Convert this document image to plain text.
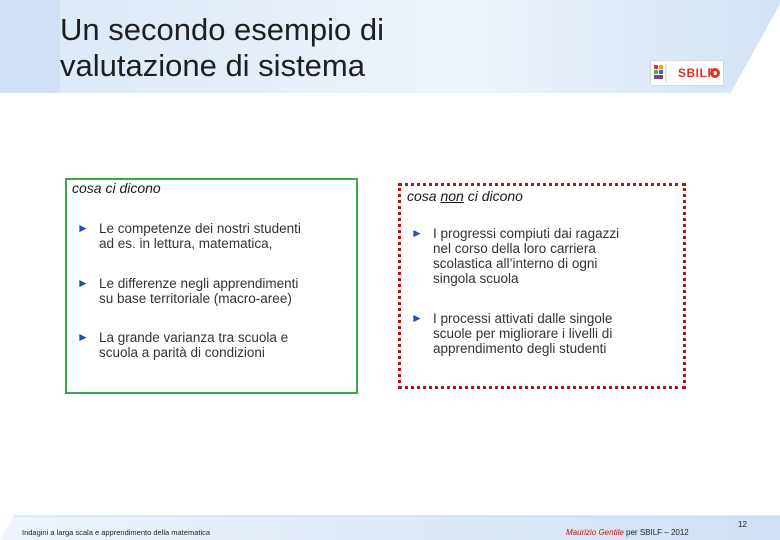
Un secondo esempio di
valutazione di sistema	SBILF
cosa ci dicono
► Le competenze dei nostri studenti
ad es. in lettura, matematica,
► Le differenze negli apprendimenti
su base territoriale (macro-aree)
► La grande varianza tra scuola e
scuola a parità di condizioni
cosa non ci dicono
► I progressi compiuti dai ragazzi
nel corso della loro carriera
scolastica all’interno di ogni
singola scuola
► I processi attivati dalle singole
scuole per migliorare i livelli di
apprendimento degli studenti
Indagini a larga scala e apprendimento della matematica	Maurizio Gentile per SBILF – 2012
12
